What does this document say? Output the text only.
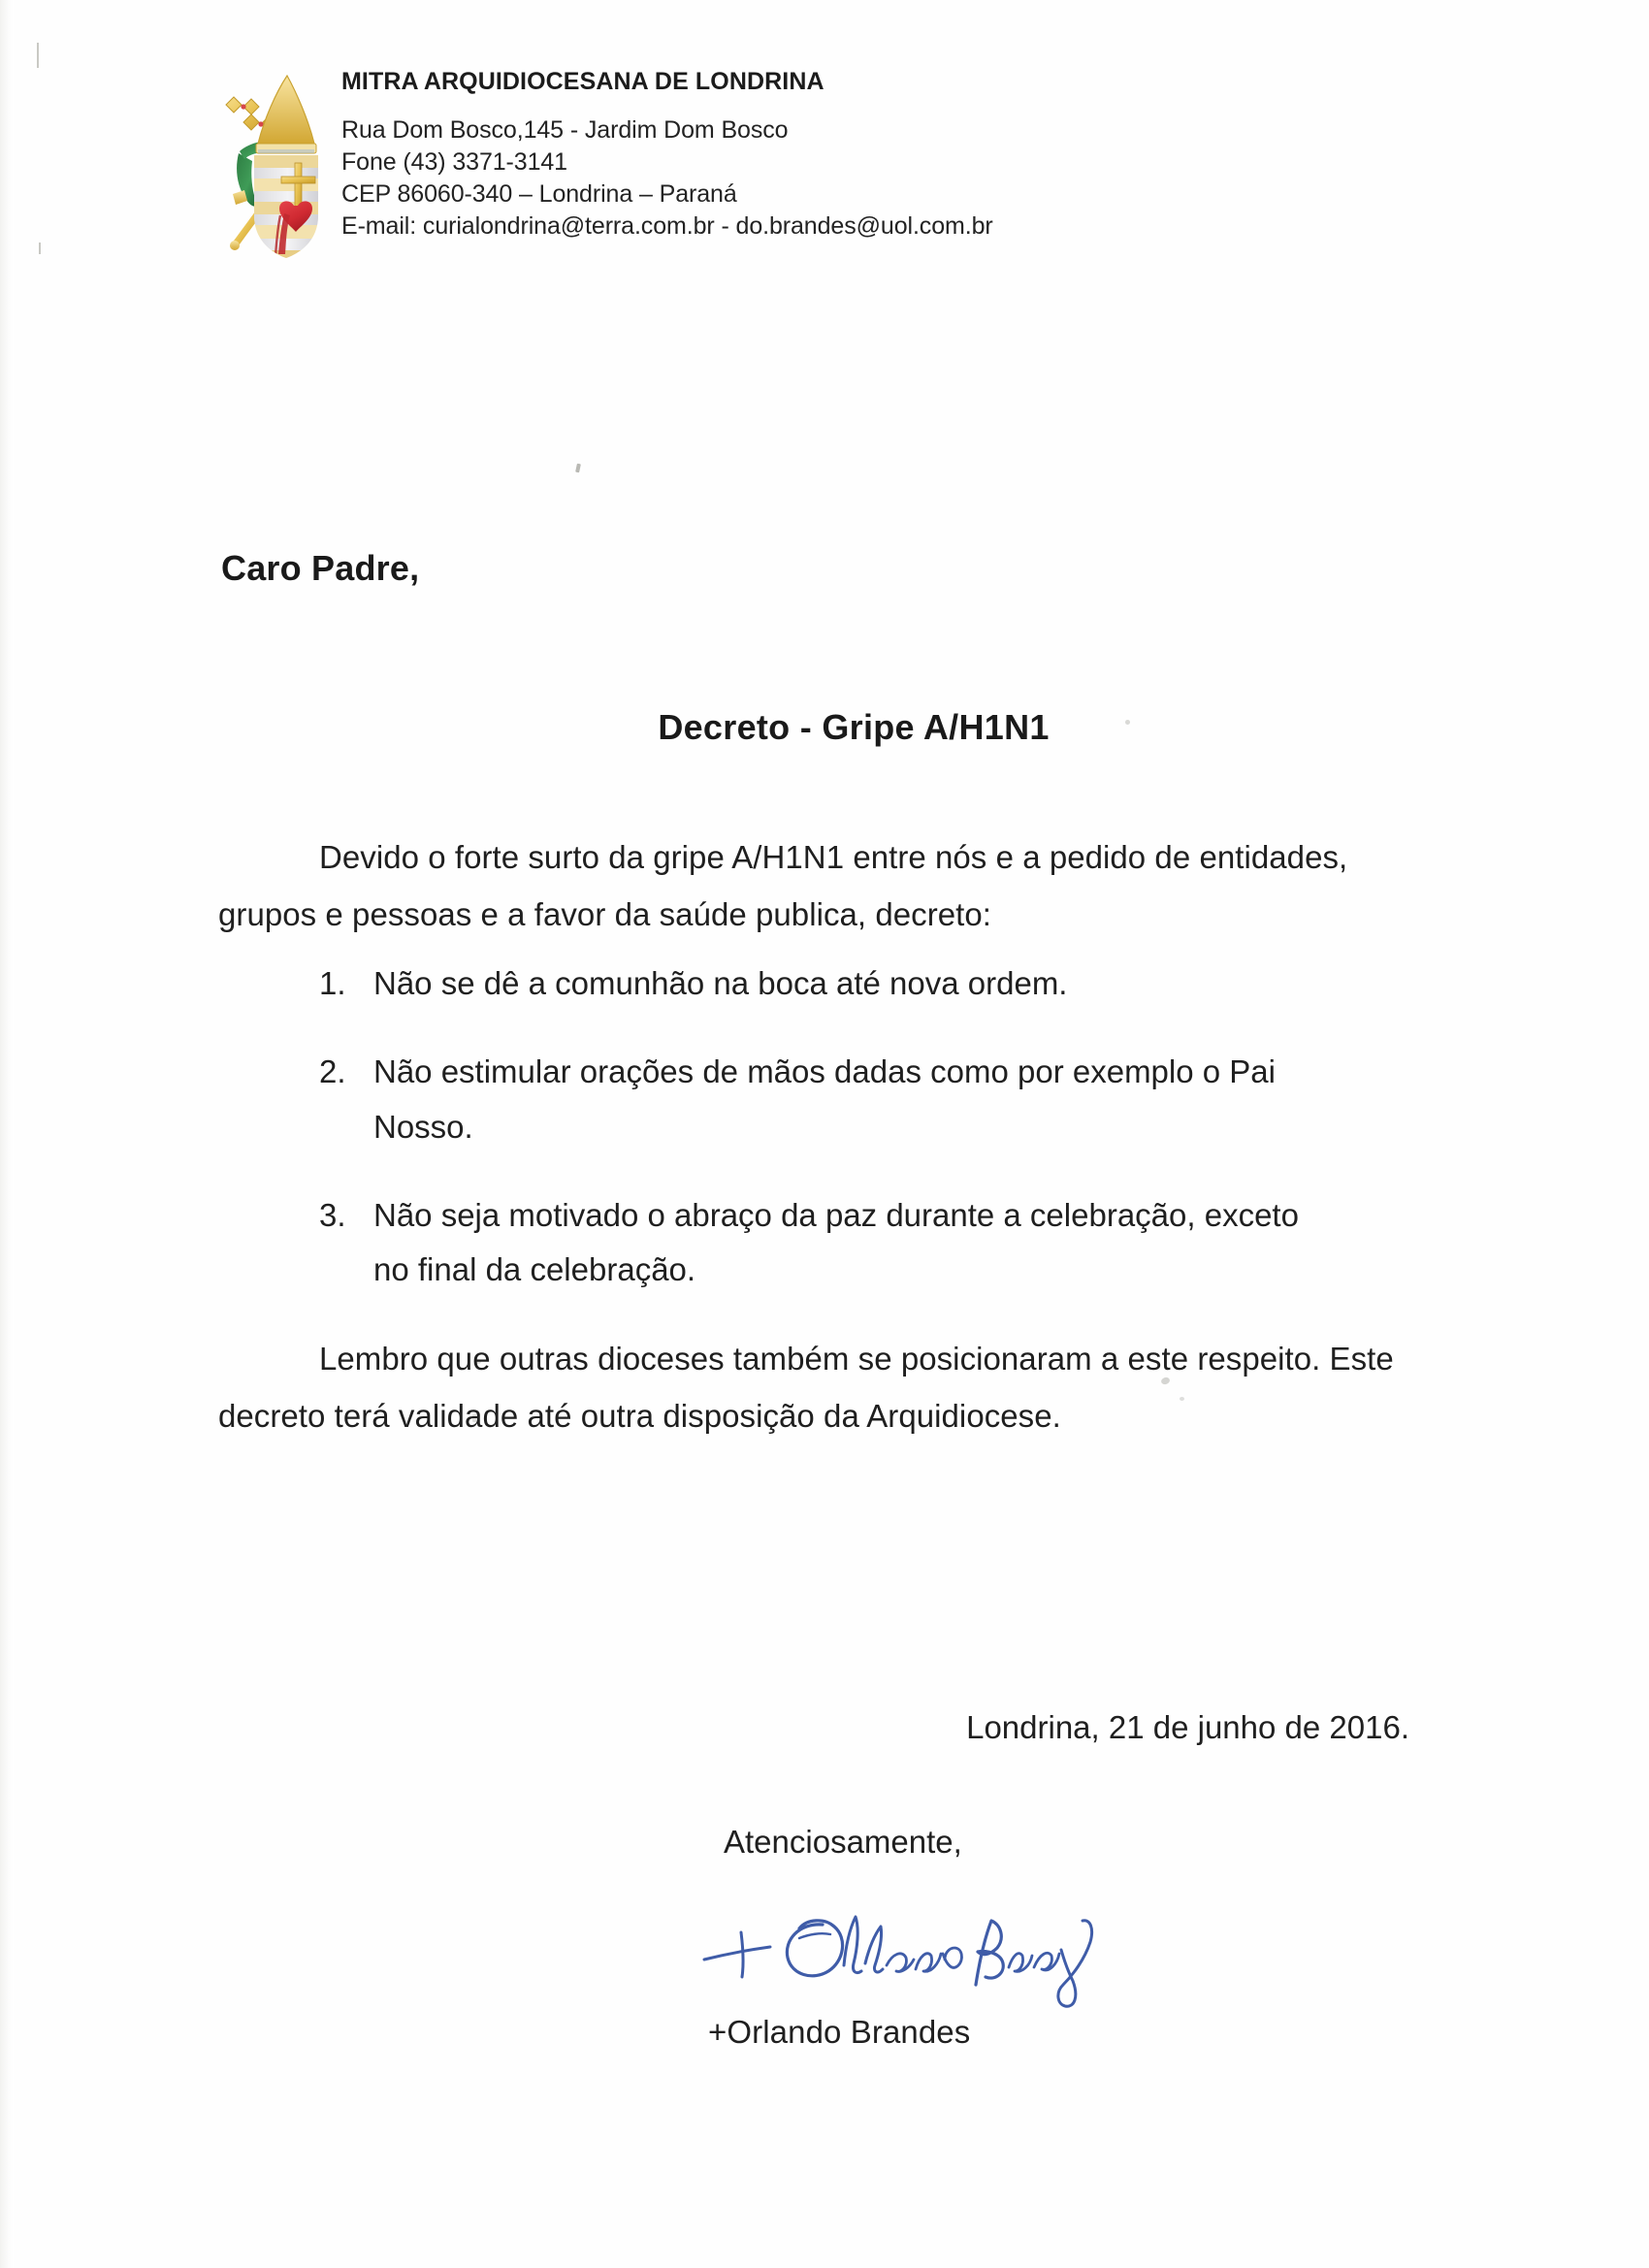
MITRA ARQUIDIOCESANA DE LONDRINA
Rua Dom Bosco,145 - Jardim Dom Bosco
Fone (43) 3371-3141
CEP 86060-340 – Londrina – Paraná
E-mail: curialondrina@terra.com.br - do.brandes@uol.com.br
Caro Padre,
Decreto - Gripe A/H1N1
Devido o forte surto da gripe A/H1N1 entre nós e a pedido de entidades, grupos e pessoas e a favor da saúde publica, decreto:
1. Não se dê a comunhão na boca até nova ordem.
2. Não estimular orações de mãos dadas como por exemplo o Pai Nosso.
3. Não seja motivado o abraço da paz durante a celebração, exceto no final da celebração.
Lembro que outras dioceses também se posicionaram a este respeito. Este decreto terá validade até outra disposição da Arquidiocese.
Londrina, 21 de junho de 2016.
Atenciosamente,
+Orlando Brandes
